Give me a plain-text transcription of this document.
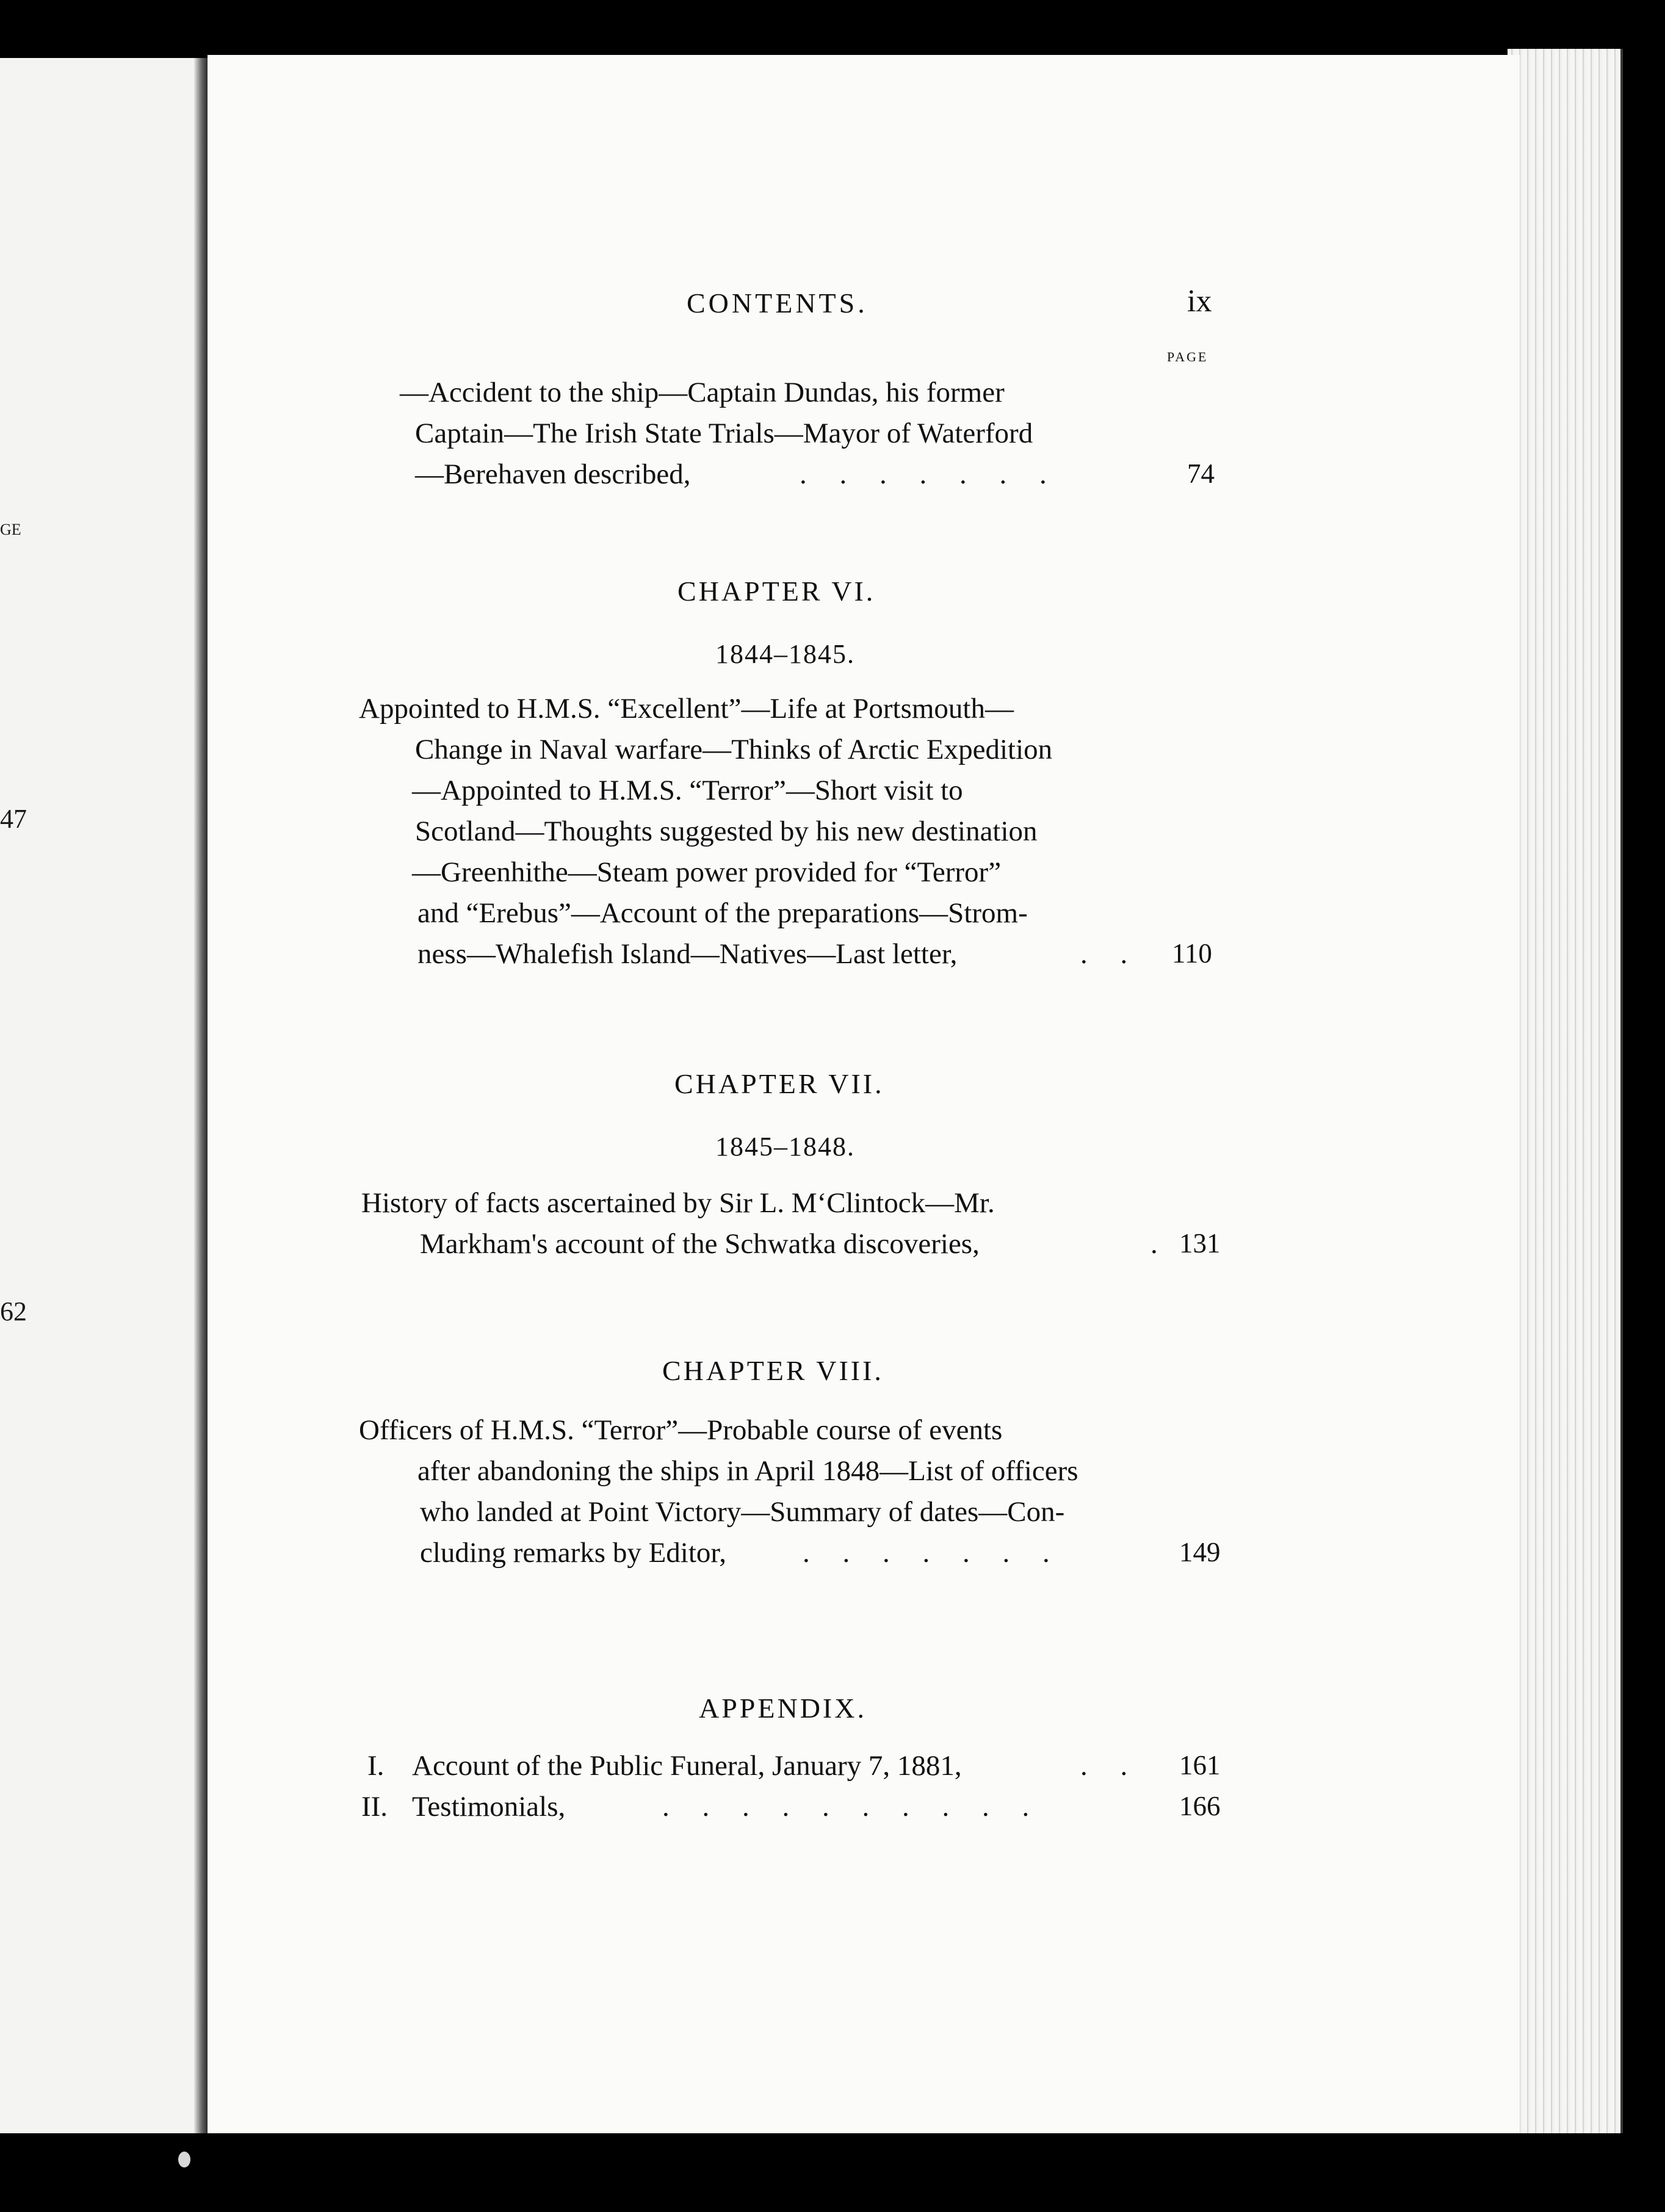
GE
47
62
CONTENTS.	ix
PAGE
—Accident to the ship—Captain Dundas, his former
Captain—The Irish State Trials—Mayor of Waterford
—Berehaven described,	. . . . . . .	74
CHAPTER VI.
1844–1845.
Appointed to H.M.S. “Excellent”—Life at Portsmouth—
Change in Naval warfare—Thinks of Arctic Expedition
—Appointed to H.M.S. “Terror”—Short visit to
Scotland—Thoughts suggested by his new destination
—Greenhithe—Steam power provided for “Terror”
and “Erebus”—Account of the preparations—Strom-
ness—Whalefish Island—Natives—Last letter,	. . 110
CHAPTER VII.
1845–1848.
History of facts ascertained by Sir L. M‘Clintock—Mr.
Markham's account of the Schwatka discoveries,	. 131
CHAPTER VIII.
Officers of H.M.S. “Terror”—Probable course of events
after abandoning the ships in April 1848—List of officers
who landed at Point Victory—Summary of dates—Con-
cluding remarks by Editor,	. . . . . . .	149
APPENDIX.
I. Account of the Public Funeral, January 7, 1881,	. . 161
II. Testimonials,	. . . . . . . . . .	166
